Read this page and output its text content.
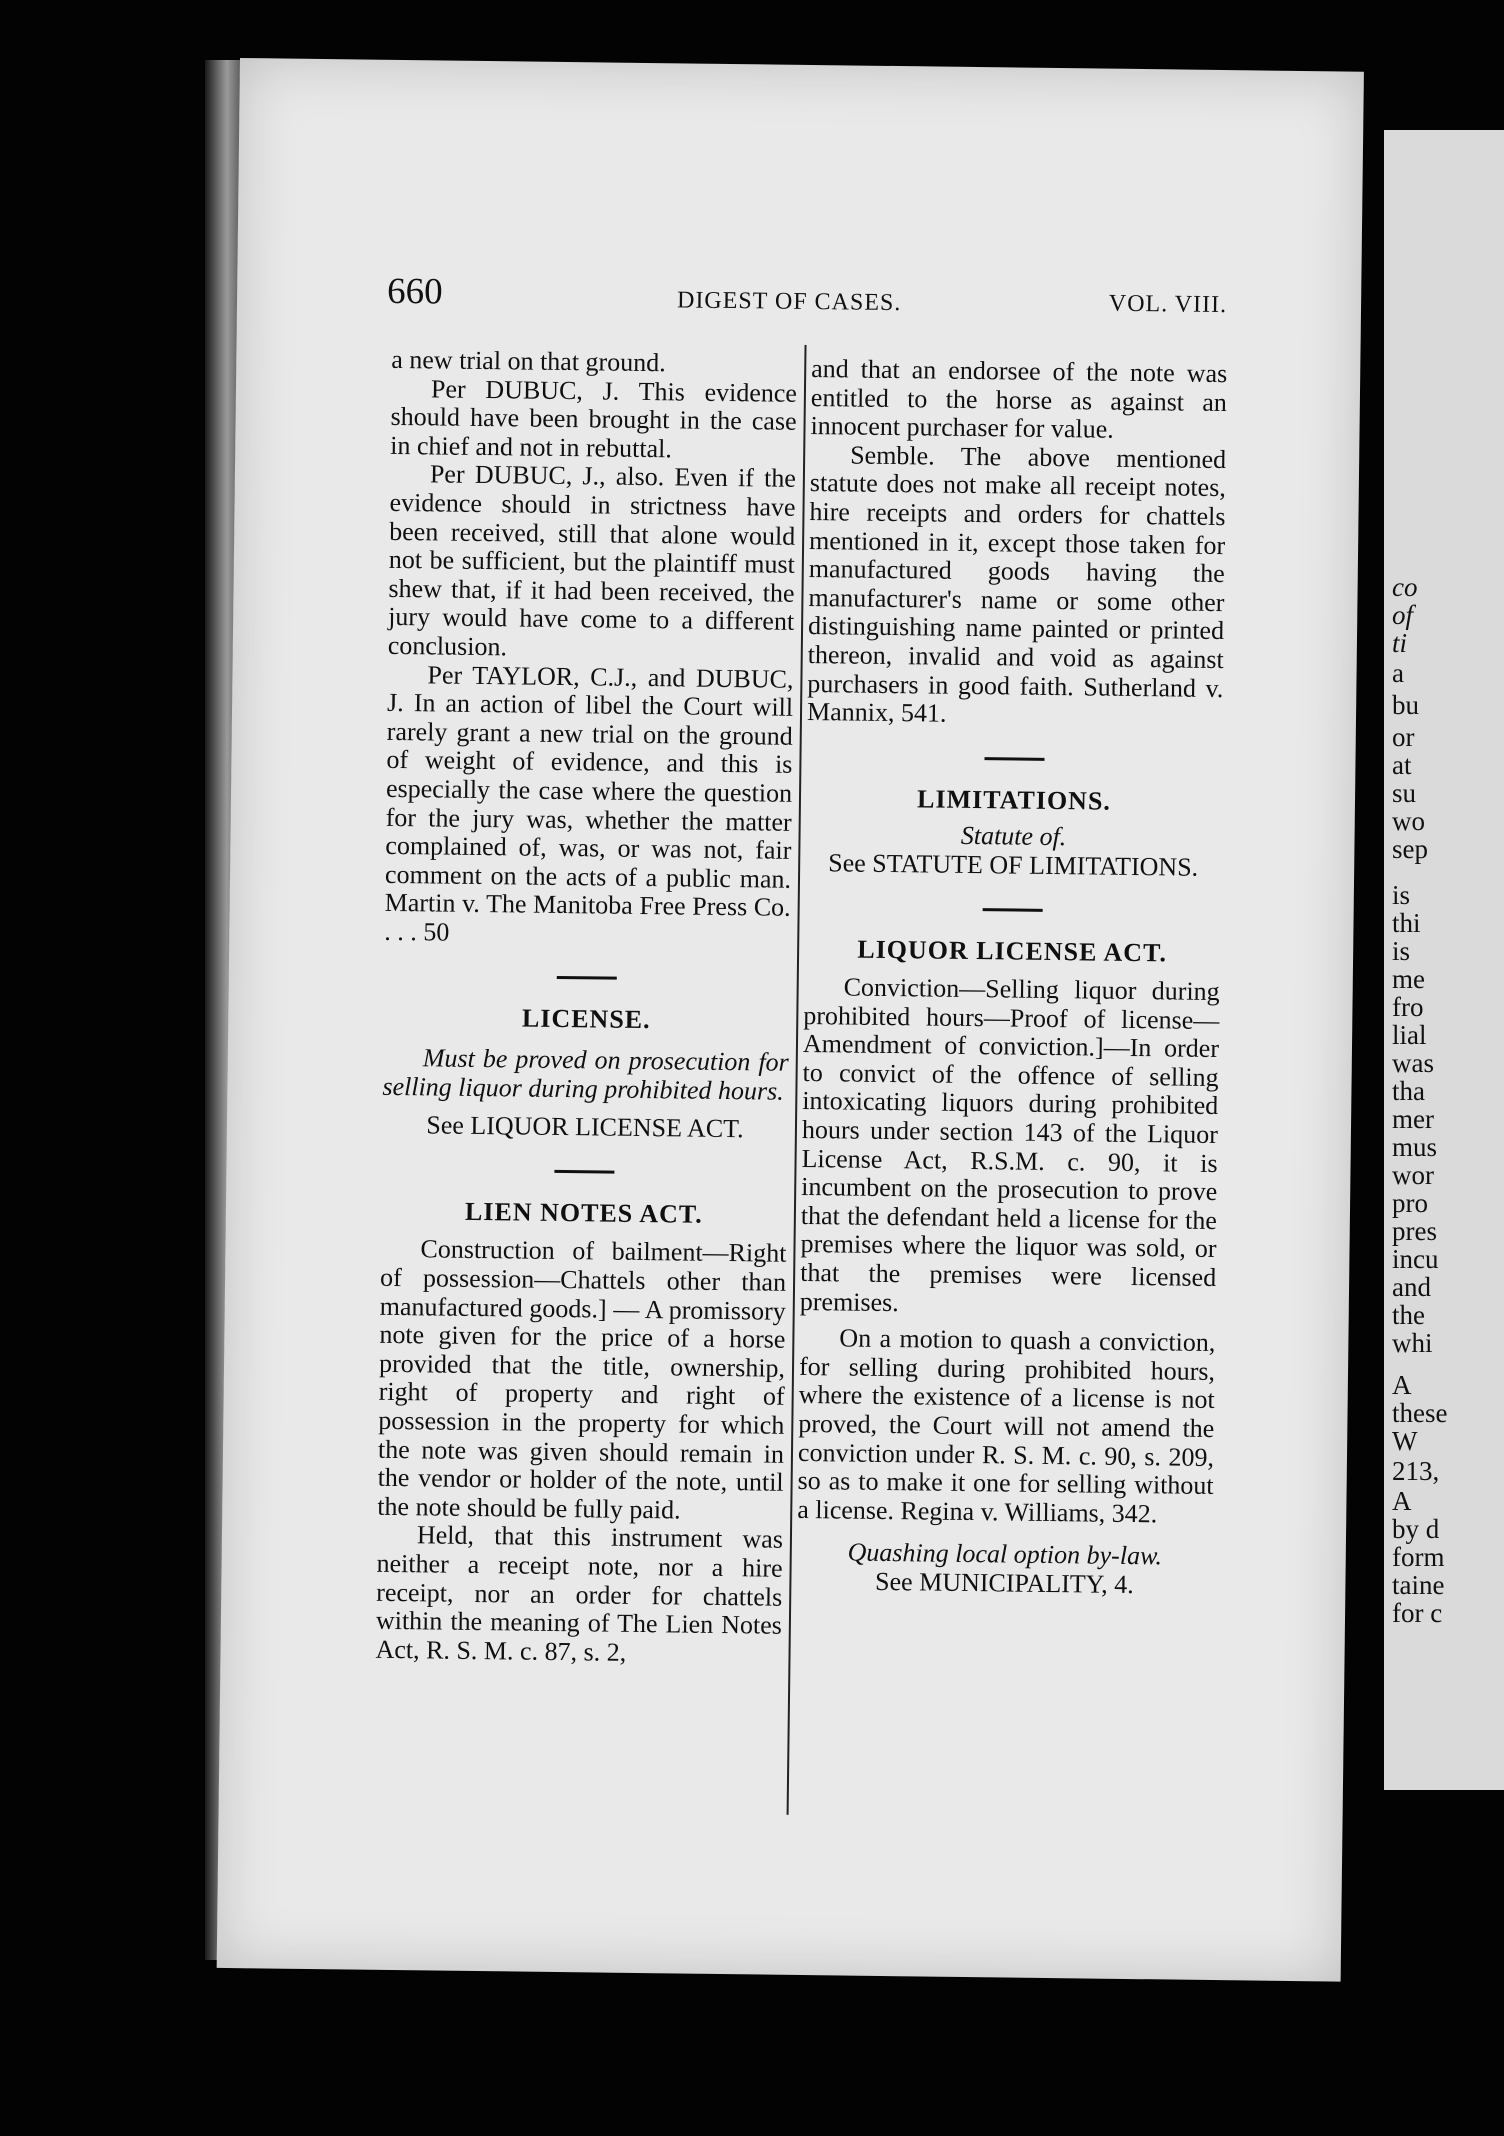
660	DIGEST OF CASES.	VOL. VIII.

a new trial on that ground.

Per DUBUC, J. This evidence should have been brought in the case in chief and not in rebuttal.

Per DUBUC, J., also. Even if the evidence should in strictness have been received, still that alone would not be sufficient, but the plaintiff must shew that, if it had been received, the jury would have come to a different conclusion.

Per TAYLOR, C.J., and DUBUC, J. In an action of libel the Court will rarely grant a new trial on the ground of weight of evidence, and this is especially the case where the question for the jury was, whether the matter complained of, was, or was not, fair comment on the acts of a public man. Martin v. The Manitoba Free Press Co. . . . 50

LICENSE.

Must be proved on prosecution for selling liquor during prohibited hours.

See LIQUOR LICENSE ACT.

LIEN NOTES ACT.

Construction of bailment—Right of possession—Chattels other than manufactured goods.] — A promissory note given for the price of a horse provided that the title, ownership, right of property and right of possession in the property for which the note was given should remain in the vendor or holder of the note, until the note should be fully paid.

Held, that this instrument was neither a receipt note, nor a hire receipt, nor an order for chattels within the meaning of The Lien Notes Act, R. S. M. c. 87, s. 2,

and that an endorsee of the note was entitled to the horse as against an innocent purchaser for value.

Semble. The above mentioned statute does not make all receipt notes, hire receipts and orders for chattels mentioned in it, except those taken for manufactured goods having the manufacturer's name or some other distinguishing name painted or printed thereon, invalid and void as against purchasers in good faith. Sutherland v. Mannix, 541.

LIMITATIONS.

Statute of.

See STATUTE OF LIMITATIONS.

LIQUOR LICENSE ACT.

Conviction—Selling liquor during prohibited hours—Proof of license—Amendment of conviction.]—In order to convict of the offence of selling intoxicating liquors during prohibited hours under section 143 of the Liquor License Act, R.S.M. c. 90, it is incumbent on the prosecution to prove that the defendant held a license for the premises where the liquor was sold, or that the premises were licensed premises.

On a motion to quash a conviction, for selling during prohibited hours, where the existence of a license is not proved, the Court will not amend the conviction under R. S. M. c. 90, s. 209, so as to make it one for selling without a license. Regina v. Williams, 342.

Quashing local option by-law.

See MUNICIPALITY, 4.

co
of
ti
a
bu
or
at
su
wo
sep
is
thi
is
me
fro
lial
was
tha
mer
mus
wor
pro
pres
incu
and
the
whi
A
these
W
213,
A
by d
form
taine
for c
